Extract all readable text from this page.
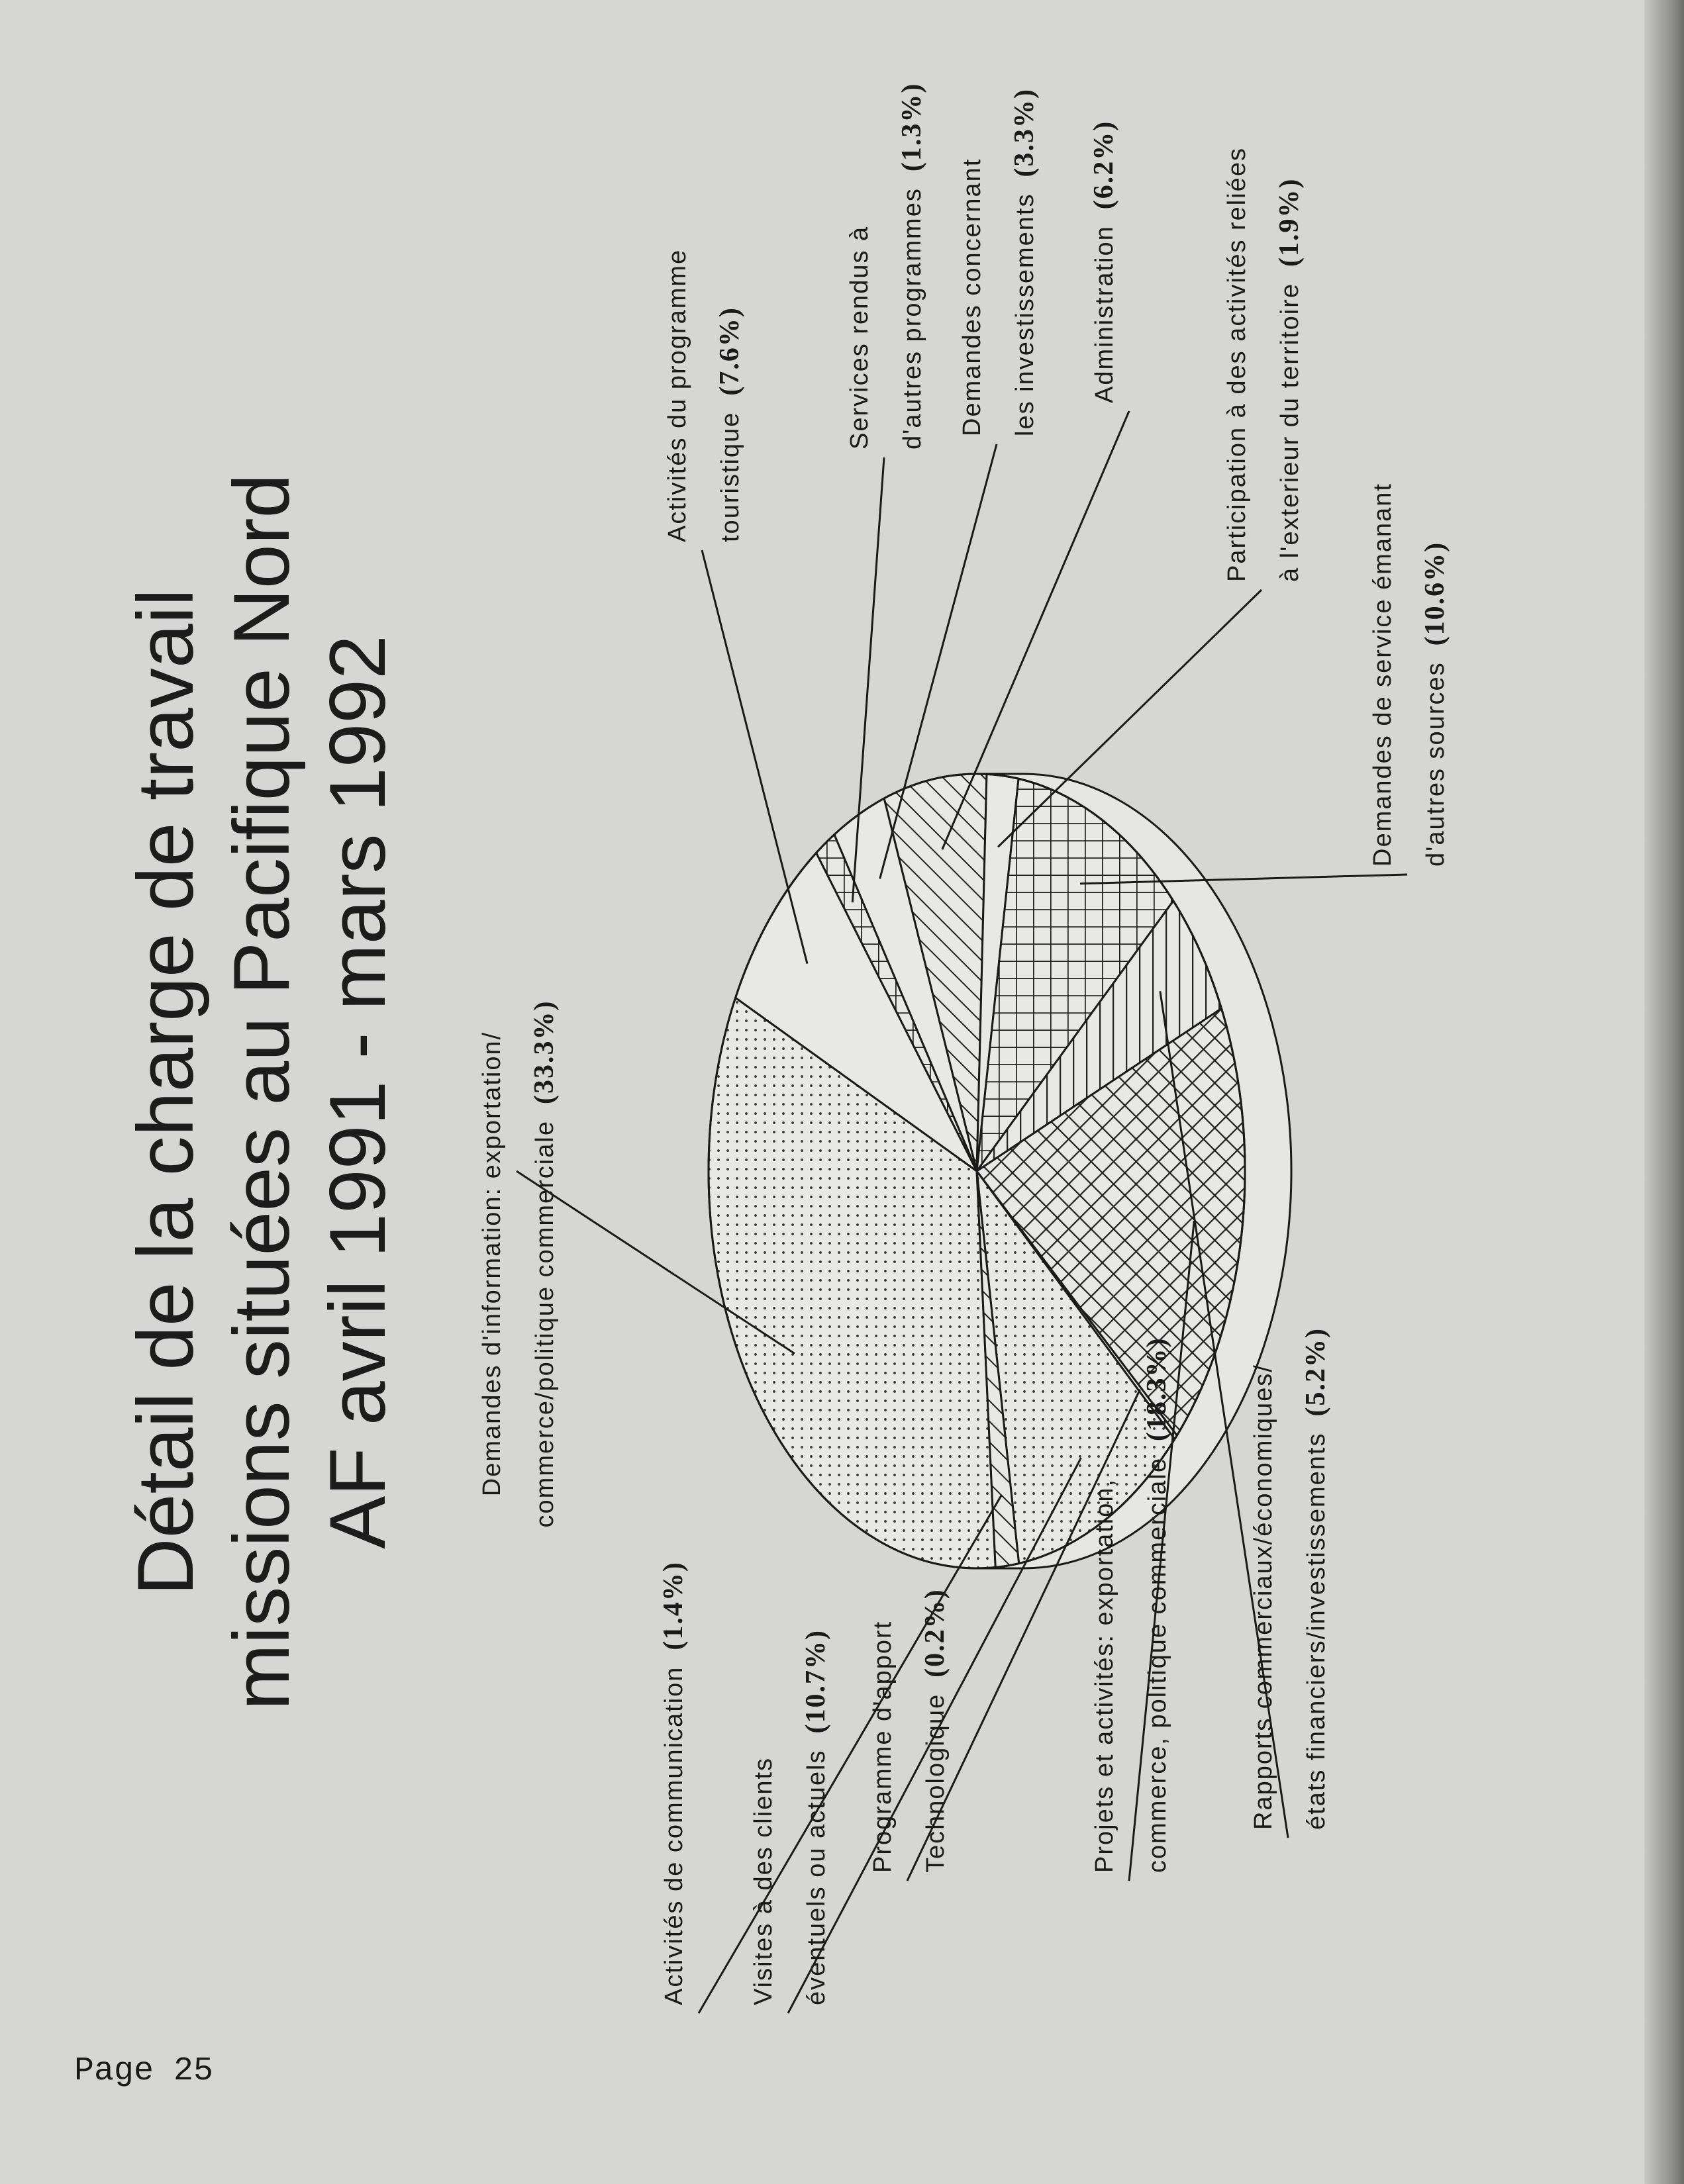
Page 25
Détail de la charge de travail missions situées au Pacifique Nord AF avril 1991 - mars 1992	Demandes d'information: exportation/ commerce/politique commerciale(33.3%)
Activités du programme touristique(7.6%)	Services rendus à d'autres programmes(1.3%)
Demandes concernant les investissements(3.3%)
Administration(6.2%)	Participation à des activités reliées à l'exterieur du territoire(1.9%)
Demandes de service émanant d'autres sources(10.6%)
Rapports commerciaux/économiques/ états financiers/investissements(5.2%)
Projets et activités: exportation, commerce, politique commerciale(18.3%)
Programme d'apport Technologique(0.2%)
Visites à des clients éventuels ou actuels(10.7%)
Activités de communication(1.4%)
